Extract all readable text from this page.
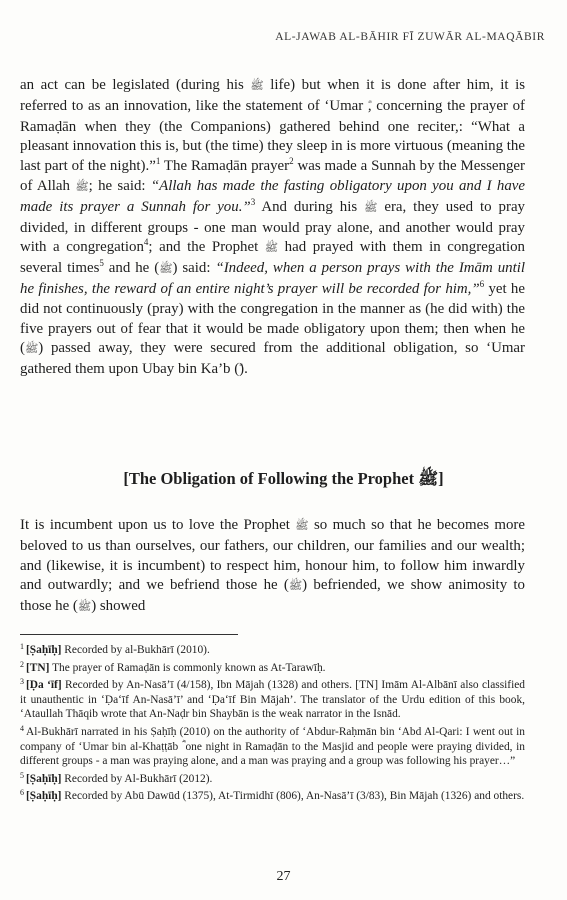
AL-JAWAB AL-BĀHIR FĪ ZUWĀR AL-MAQĀBIR

an act can be legislated (during his ﷺ life) but when it is done after him, it is referred to as an innovation, like the statement of ‘Umar , concerning the prayer of Ramaḍān when they (the Companions) gathered behind one reciter,: “What a pleasant innovation this is, but (the time) they sleep in is more virtuous (meaning the last part of the night).”$^1$ The Ramaḍān prayer$^2$ was made a Sunnah by the Messenger of Allah ﷺ; he said: “Allah has made the fasting obligatory upon you and I have made its prayer a Sunnah for you.”$^3$ And during his ﷺ era, they used to pray divided, in different groups - one man would pray alone, and another would pray with a congregation$^4$; and the Prophet ﷺ had prayed with them in congregation several times$^5$ and he (ﷺ) said: “Indeed, when a person prays with the Imām until he finishes, the reward of an entire night’s prayer will be recorded for him,”$^6$ yet he did not continuously (pray) with the congregation in the manner as (he did with) the five prayers out of fear that it would be made obligatory upon them; then when he (ﷺ) passed away, they were secured from the additional obligation, so ‘Umar gathered them upon Ubay bin Ka’b ().

[The Obligation of Following the Prophet ﷺ]

It is incumbent upon us to love the Prophet ﷺ so much so that he becomes more beloved to us than ourselves, our fathers, our children, our families and our wealth; and (likewise, it is incumbent) to respect him, honour him, to follow him inwardly and outwardly; and we befriend those he (ﷺ) befriended, we show animosity to those he (ﷺ) showed

$^1$ [Ṣaḥīḥ] Recorded by al-Bukhārī (2010).

$^2$ [TN] The prayer of Ramaḍān is commonly known as At-Tarawīḥ.

$^3$ [Ḍa ‘īf] Recorded by An-Nasā’ī (4/158), Ibn Mājah (1328) and others. [TN] Imām Al-Albānī also classified it unauthentic in ‘Ḍa‘īf An-Nasā’ī’ and ‘Ḍa‘īf Bin Mājah’. The translator of the Urdu edition of this book, ‘Ataullah Thāqib wrote that An-Naḍr bin Shaybān is the weak narrator in the Isnād.

$^4$ Al-Bukhārī narrated in his Ṣaḥīḥ (2010) on the authority of ‘Abdur-Raḥmān bin ‘Abd Al-Qari: I went out in company of ‘Umar bin al-Khaṭṭāb ؓ one night in Ramaḍān to the Masjid and people were praying divided, in different groups - a man was praying alone, and a man was praying and a group was following his prayer…”

$^5$ [Ṣaḥīḥ] Recorded by Al-Bukhārī (2012).

$^6$ [Ṣaḥīḥ] Recorded by Abū Dawūd (1375), At-Tirmidhī (806), An-Nasā’ī (3/83), Bin Mājah (1326) and others.

27
